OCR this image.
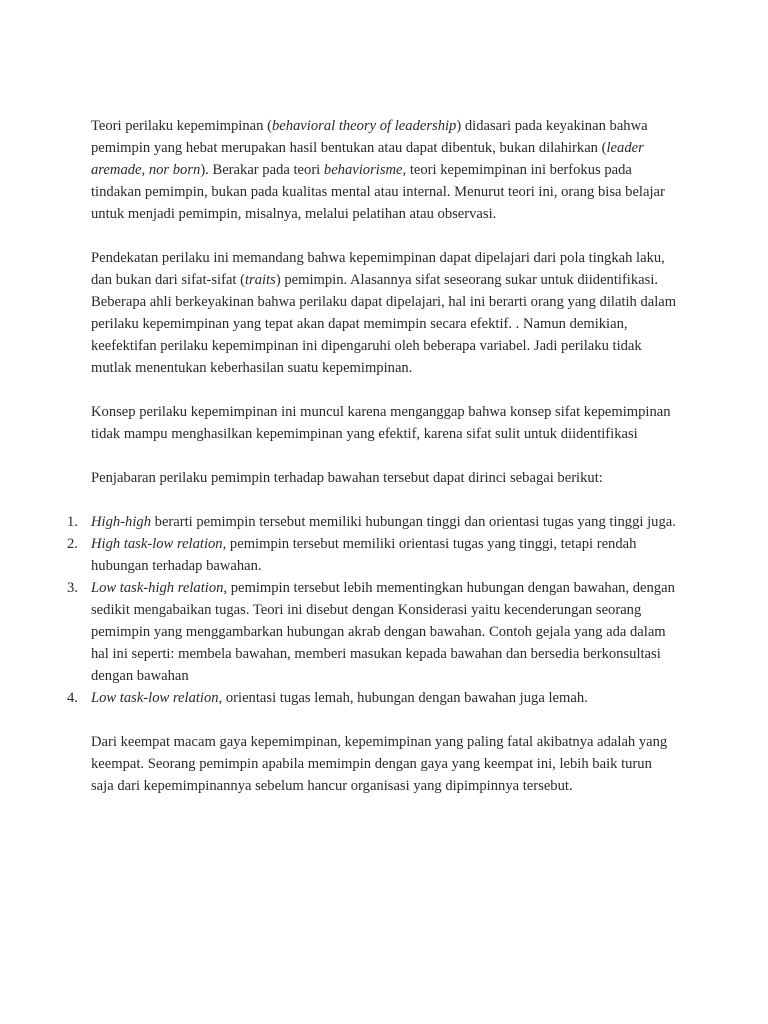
Teori perilaku kepemimpinan (behavioral theory of leadership) didasari pada keyakinan bahwa pemimpin yang hebat merupakan hasil bentukan atau dapat dibentuk, bukan dilahirkan (leader aremade, nor born). Berakar pada teori behaviorisme, teori kepemimpinan ini berfokus pada tindakan pemimpin, bukan pada kualitas mental atau internal. Menurut teori ini, orang bisa belajar untuk menjadi pemimpin, misalnya, melalui pelatihan atau observasi.

Pendekatan perilaku ini memandang bahwa kepemimpinan dapat dipelajari dari pola tingkah laku, dan bukan dari sifat-sifat (traits) pemimpin. Alasannya sifat seseorang sukar untuk diidentifikasi. Beberapa ahli berkeyakinan bahwa perilaku dapat dipelajari, hal ini berarti orang yang dilatih dalam perilaku kepemimpinan yang tepat akan dapat memimpin secara efektif. . Namun demikian, keefektifan perilaku kepemimpinan ini dipengaruhi oleh beberapa variabel. Jadi perilaku tidak mutlak menentukan keberhasilan suatu kepemimpinan.

Konsep perilaku kepemimpinan ini muncul karena menganggap bahwa konsep sifat kepemimpinan tidak mampu menghasilkan kepemimpinan yang efektif, karena sifat sulit untuk diidentifikasi

Penjabaran perilaku pemimpin terhadap bawahan tersebut dapat dirinci sebagai berikut:

1. High-high berarti pemimpin tersebut memiliki hubungan tinggi dan orientasi tugas yang tinggi juga.
2. High task-low relation, pemimpin tersebut memiliki orientasi tugas yang tinggi, tetapi rendah hubungan terhadap bawahan.
3. Low task-high relation, pemimpin tersebut lebih mementingkan hubungan dengan bawahan, dengan sedikit mengabaikan tugas. Teori ini disebut dengan Konsiderasi yaitu kecenderungan seorang pemimpin yang menggambarkan hubungan akrab dengan bawahan. Contoh gejala yang ada dalam hal ini seperti: membela bawahan, memberi masukan kepada bawahan dan bersedia berkonsultasi dengan bawahan
4. Low task-low relation, orientasi tugas lemah, hubungan dengan bawahan juga lemah.

Dari keempat macam gaya kepemimpinan, kepemimpinan yang paling fatal akibatnya adalah yang keempat. Seorang pemimpin apabila memimpin dengan gaya yang keempat ini, lebih baik turun saja dari kepemimpinannya sebelum hancur organisasi yang dipimpinnya tersebut.
